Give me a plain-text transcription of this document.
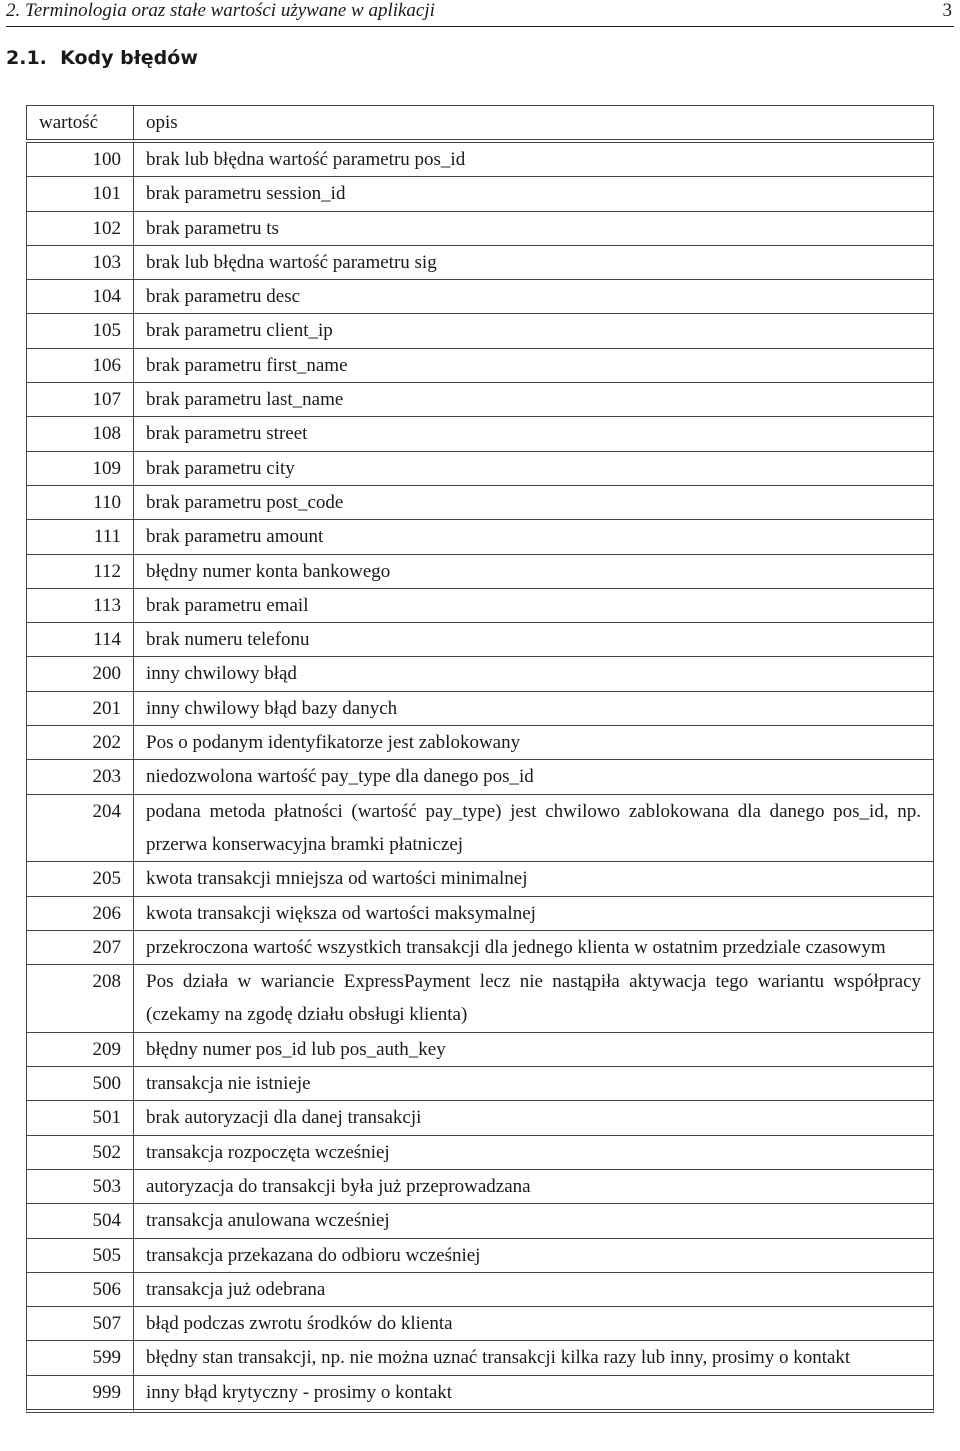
2. Terminologia oraz stałe wartości używane w aplikacji	3
2.1.  Kody błędów
wartość	opis

100	brak lub błędna wartość parametru pos_id
101	brak parametru session_id
102	brak parametru ts
103	brak lub błędna wartość parametru sig
104	brak parametru desc
105	brak parametru client_ip
106	brak parametru first_name
107	brak parametru last_name
108	brak parametru street
109	brak parametru city
110	brak parametru post_code
111	brak parametru amount
112	błędny numer konta bankowego
113	brak parametru email
114	brak numeru telefonu
200	inny chwilowy błąd
201	inny chwilowy błąd bazy danych
202	Pos o podanym identyfikatorze jest zablokowany
203	niedozwolona wartość pay_type dla danego pos_id
204	podana metoda płatności (wartość pay_type) jest chwilowo zablokowana dla danego pos_id, np. przerwa konserwacyjna bramki płatniczej
205	kwota transakcji mniejsza od wartości minimalnej
206	kwota transakcji większa od wartości maksymalnej
207	przekroczona wartość wszystkich transakcji dla jednego klienta w ostatnim przedziale czasowym
208	Pos działa w wariancie ExpressPayment lecz nie nastąpiła aktywacja tego wariantu współpracy (czekamy na zgodę działu obsługi klienta)
209	błędny numer pos_id lub pos_auth_key
500	transakcja nie istnieje
501	brak autoryzacji dla danej transakcji
502	transakcja rozpoczęta wcześniej
503	autoryzacja do transakcji była już przeprowadzana
504	transakcja anulowana wcześniej
505	transakcja przekazana do odbioru wcześniej
506	transakcja już odebrana
507	błąd podczas zwrotu środków do klienta
599	błędny stan transakcji, np. nie można uznać transakcji kilka razy lub inny, prosimy o kontakt
999	inny błąd krytyczny - prosimy o kontakt
